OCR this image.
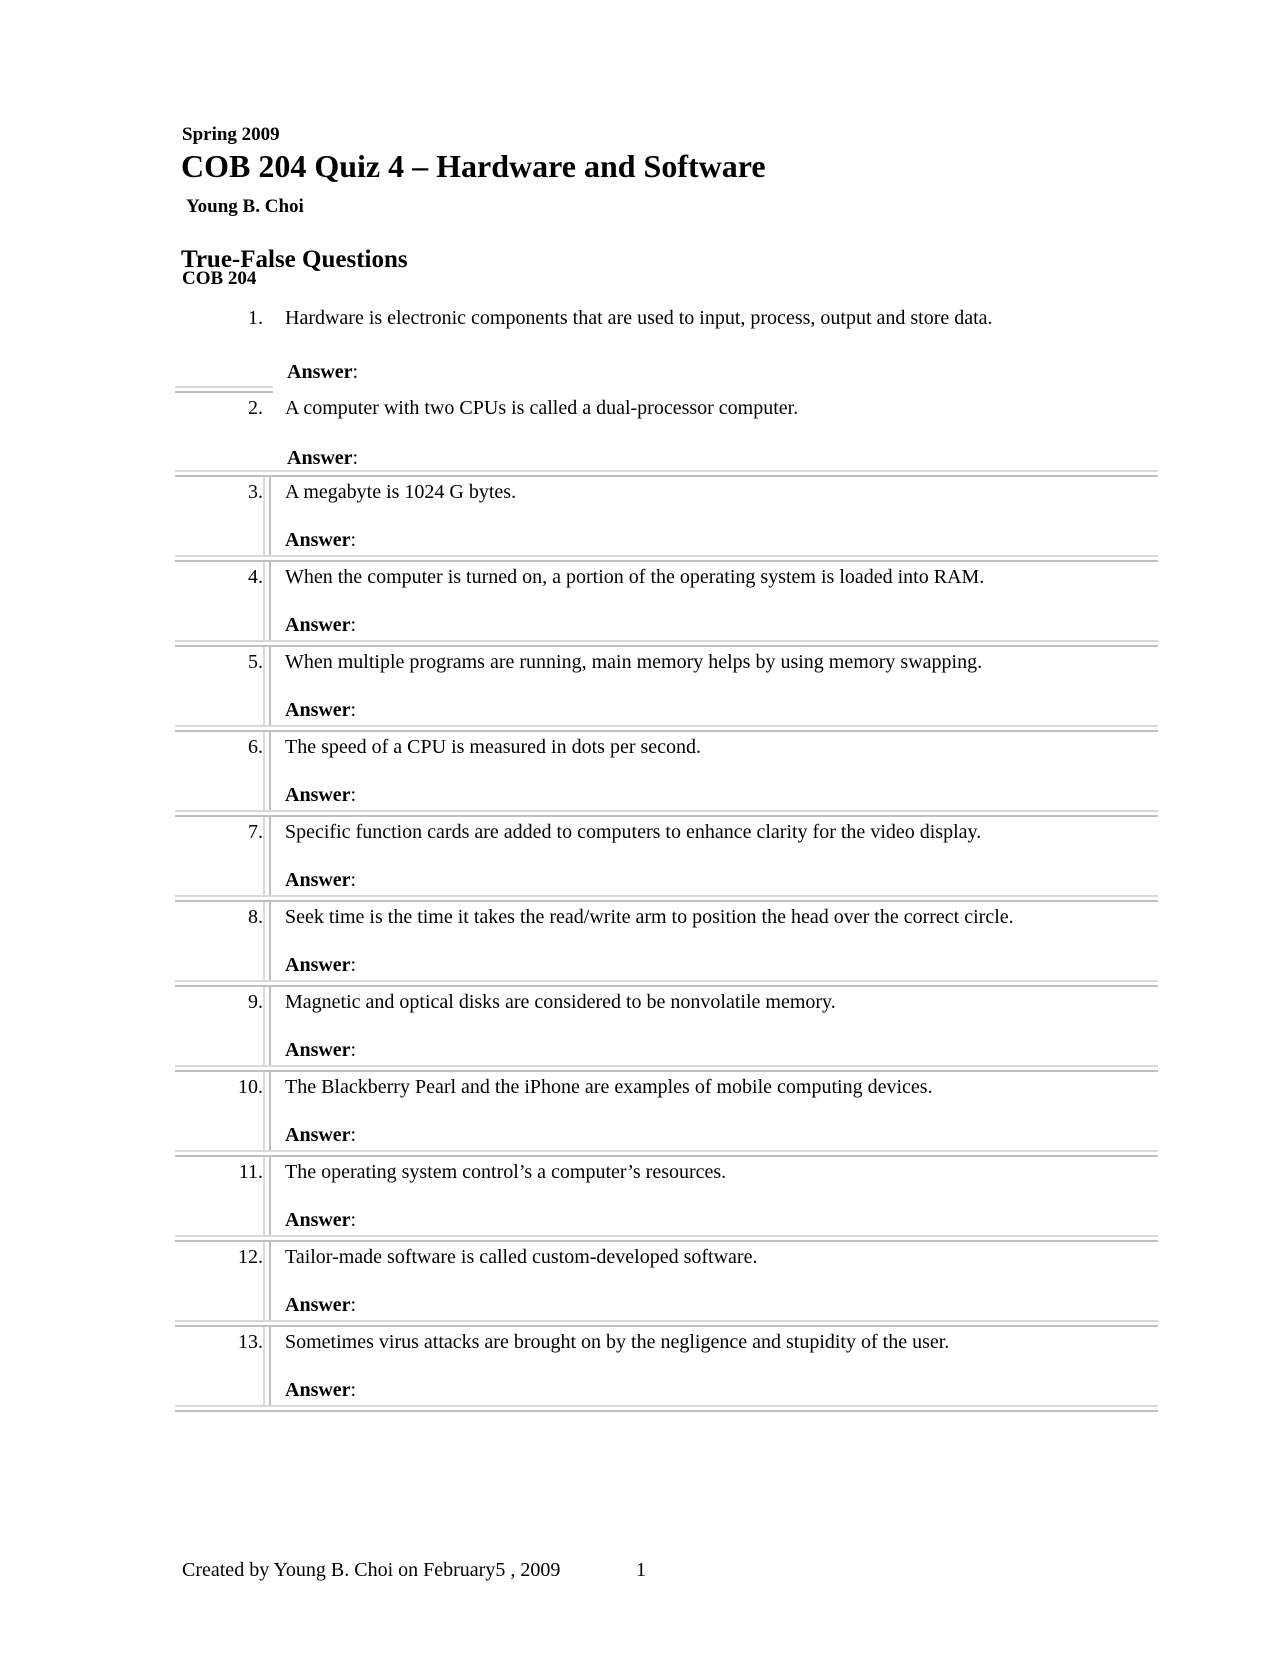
Spring 2009

Young B. Choi

COB 204

COB 204 Quiz 4 – Hardware and Software
True-False Questions
1. Hardware is electronic components that are used to input, process, output and store data.
Answer:
2. A computer with two CPUs is called a dual-processor computer.
Answer:
3. A megabyte is 1024 G bytes.
Answer:
4. When the computer is turned on, a portion of the operating system is loaded into RAM.
Answer:
5. When multiple programs are running, main memory helps by using memory swapping.
Answer:
6. The speed of a CPU is measured in dots per second.
Answer:
7. Specific function cards are added to computers to enhance clarity for the video display.
Answer:
8. Seek time is the time it takes the read/write arm to position the head over the correct circle.
Answer:
9. Magnetic and optical disks are considered to be nonvolatile memory.
Answer:
10. The Blackberry Pearl and the iPhone are examples of mobile computing devices.
Answer:
11. The operating system control’s a computer’s resources.
Answer:
12. Tailor-made software is called custom-developed software.
Answer:
13. Sometimes virus attacks are brought on by the negligence and stupidity of the user.
Answer:
Created by Young B. Choi on February5 , 2009	1
